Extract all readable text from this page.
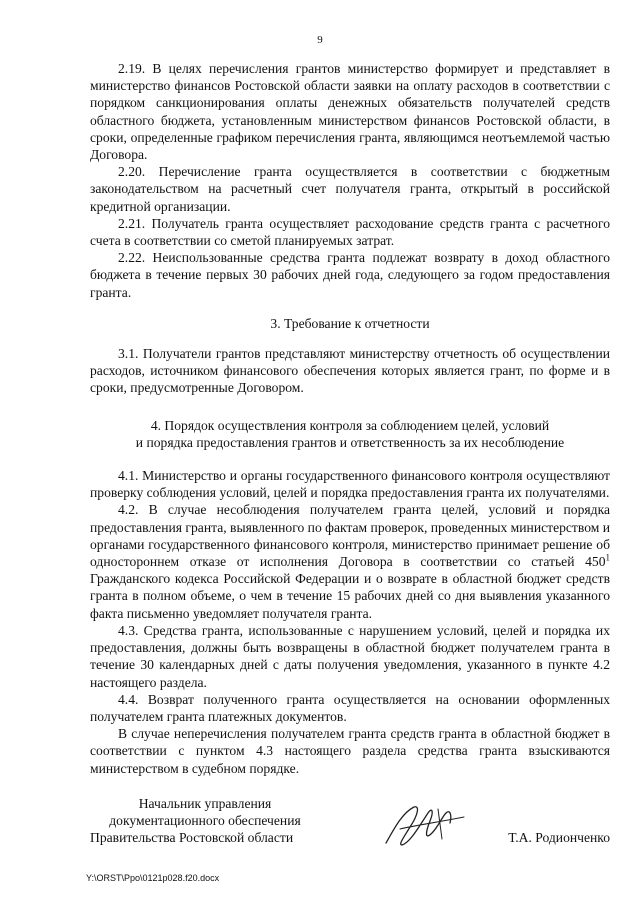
9

2.19. В целях перечисления грантов министерство формирует и представляет в министерство финансов Ростовской области заявки на оплату расходов в соответствии с порядком санкционирования оплаты денежных обязательств получателей средств областного бюджета, установленным министерством финансов Ростовской области, в сроки, определенные графиком перечисления гранта, являющимся неотъемлемой частью Договора.

2.20. Перечисление гранта осуществляется в соответствии с бюджетным законодательством на расчетный счет получателя гранта, открытый в российской кредитной организации.

2.21. Получатель гранта осуществляет расходование средств гранта с расчетного счета в соответствии со сметой планируемых затрат.

2.22. Неиспользованные средства гранта подлежат возврату в доход областного бюджета в течение первых 30 рабочих дней года, следующего за годом предоставления гранта.

3. Требование к отчетности

3.1. Получатели грантов представляют министерству отчетность об осуществлении расходов, источником финансового обеспечения которых является грант, по форме и в сроки, предусмотренные Договором.

4. Порядок осуществления контроля за соблюдением целей, условий
и порядка предоставления грантов и ответственность за их несоблюдение

4.1. Министерство и органы государственного финансового контроля осуществляют проверку соблюдения условий, целей и порядка предоставления гранта их получателями.

4.2. В случае несоблюдения получателем гранта целей, условий и порядка предоставления гранта, выявленного по фактам проверок, проведенных министерством и органами государственного финансового контроля, министерство принимает решение об одностороннем отказе от исполнения Договора в соответствии со статьей $450^1$ Гражданского кодекса Российской Федерации и о возврате в областной бюджет средств гранта в полном объеме, о чем в течение 15 рабочих дней со дня выявления указанного факта письменно уведомляет получателя гранта.

4.3. Средства гранта, использованные с нарушением условий, целей и порядка их предоставления, должны быть возвращены в областной бюджет получателем гранта в течение 30 календарных дней с даты получения уведомления, указанного в пункте 4.2 настоящего раздела.

4.4. Возврат полученного гранта осуществляется на основании оформленных получателем гранта платежных документов.

В случае неперечисления получателем гранта средств гранта в областной бюджет в соответствии с пунктом 4.3 настоящего раздела средства гранта взыскиваются министерством в судебном порядке.

Начальник управления
документационного обеспечения
Правительства Ростовской области	Т.А. Родионченко
Y:\ORST\Ppo\0121p028.f20.docx
